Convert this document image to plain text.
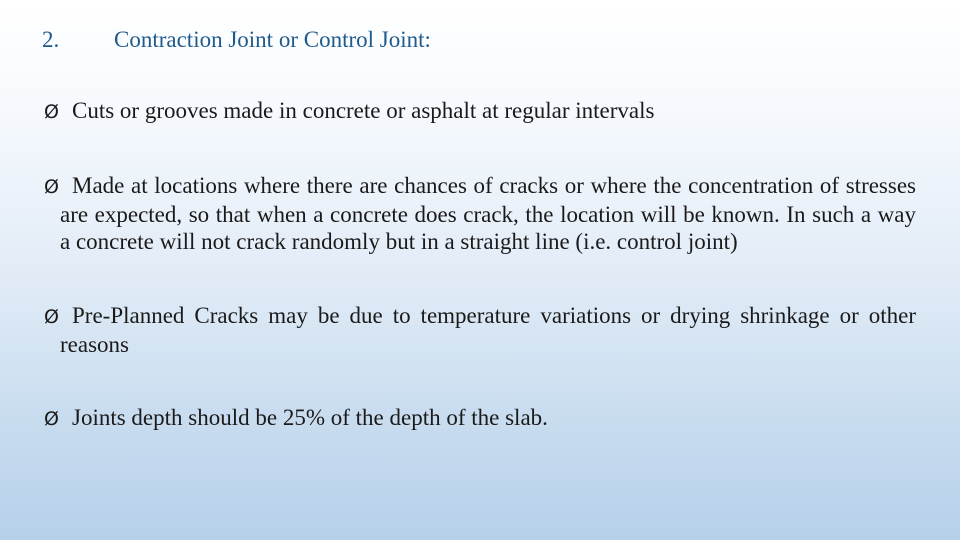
2. Contraction Joint or Control Joint:
Ø Cuts or grooves made in concrete or asphalt at regular intervals
Ø Made at locations where there are chances of cracks or where the concentration of stresses are expected, so that when a concrete does crack, the location will be known. In such a way a concrete will not crack randomly but in a straight line (i.e. control joint)
Ø Pre-Planned Cracks may be due to temperature variations or drying shrinkage or other reasons
Ø Joints depth should be 25% of the depth of the slab.
